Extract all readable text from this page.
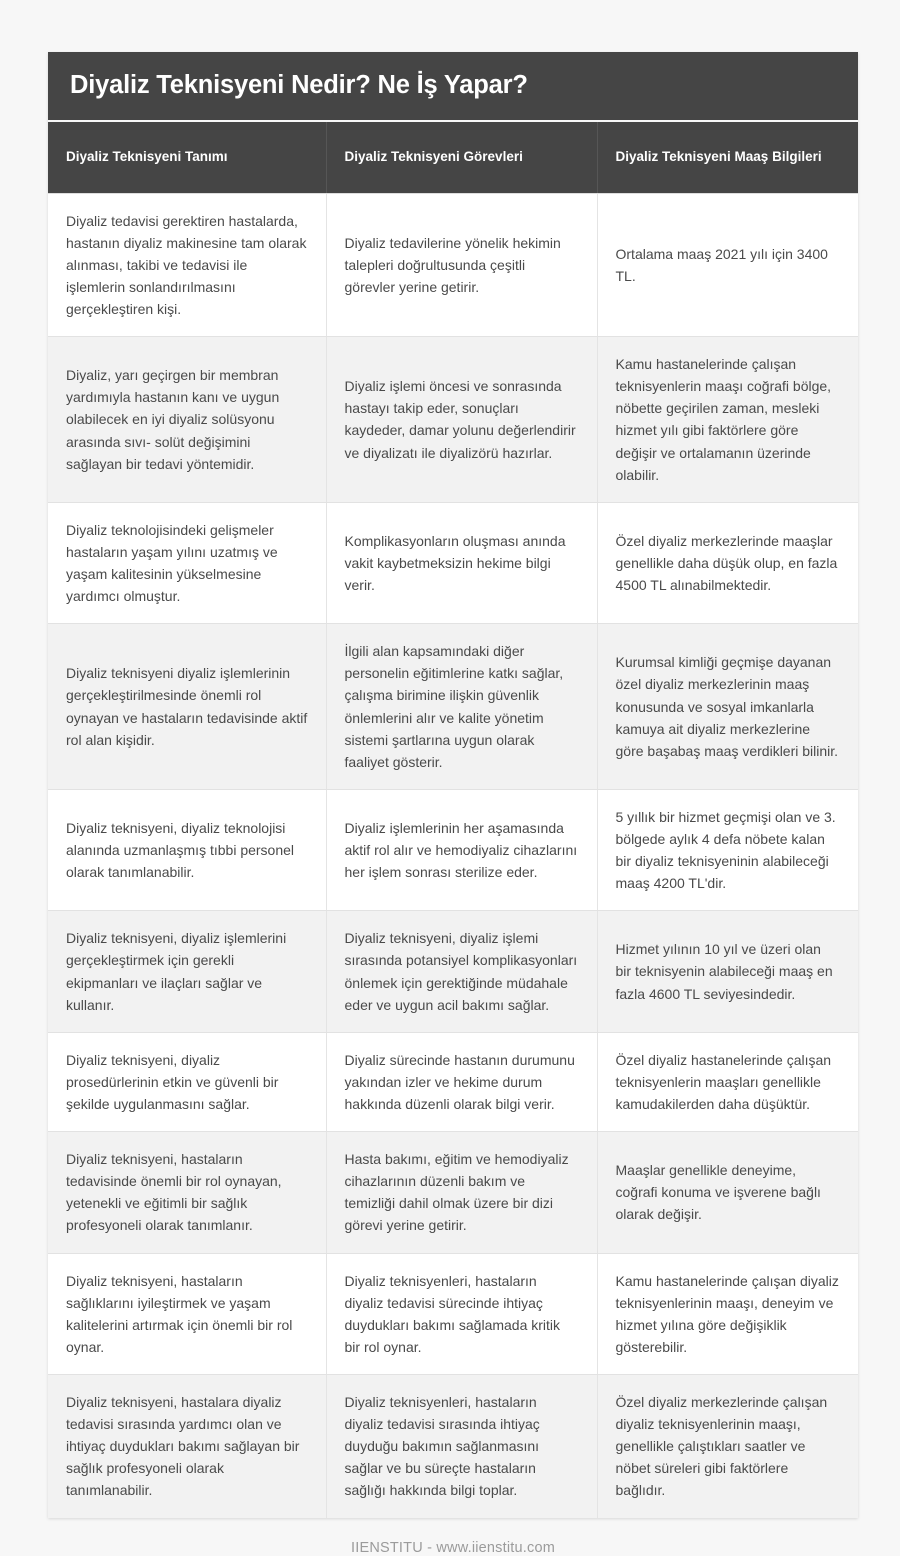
Diyaliz Teknisyeni Nedir? Ne İş Yapar?
Diyaliz Teknisyeni Tanımı	Diyaliz Teknisyeni Görevleri	Diyaliz Teknisyeni Maaş Bilgileri
Diyaliz tedavisi gerektiren hastalarda, hastanın diyaliz makinesine tam olarak alınması, takibi ve tedavisi ile işlemlerin sonlandırılmasını gerçekleştiren kişi.	Diyaliz tedavilerine yönelik hekimin talepleri doğrultusunda çeşitli görevler yerine getirir.	Ortalama maaş 2021 yılı için 3400 TL.
Diyaliz, yarı geçirgen bir membran yardımıyla hastanın kanı ve uygun olabilecek en iyi diyaliz solüsyonu arasında sıvı- solüt değişimini sağlayan bir tedavi yöntemidir.	Diyaliz işlemi öncesi ve sonrasında hastayı takip eder, sonuçları kaydeder, damar yolunu değerlendirir ve diyalizatı ile diyalizörü hazırlar.	Kamu hastanelerinde çalışan teknisyenlerin maaşı coğrafi bölge, nöbette geçirilen zaman, mesleki hizmet yılı gibi faktörlere göre değişir ve ortalamanın üzerinde olabilir.
Diyaliz teknolojisindeki gelişmeler hastaların yaşam yılını uzatmış ve yaşam kalitesinin yükselmesine yardımcı olmuştur.	Komplikasyonların oluşması anında vakit kaybetmeksizin hekime bilgi verir.	Özel diyaliz merkezlerinde maaşlar genellikle daha düşük olup, en fazla 4500 TL alınabilmektedir.
Diyaliz teknisyeni diyaliz işlemlerinin gerçekleştirilmesinde önemli rol oynayan ve hastaların tedavisinde aktif rol alan kişidir.	İlgili alan kapsamındaki diğer personelin eğitimlerine katkı sağlar, çalışma birimine ilişkin güvenlik önlemlerini alır ve kalite yönetim sistemi şartlarına uygun olarak faaliyet gösterir.	Kurumsal kimliği geçmişe dayanan özel diyaliz merkezlerinin maaş konusunda ve sosyal imkanlarla kamuya ait diyaliz merkezlerine göre başabaş maaş verdikleri bilinir.
Diyaliz teknisyeni, diyaliz teknolojisi alanında uzmanlaşmış tıbbi personel olarak tanımlanabilir.	Diyaliz işlemlerinin her aşamasında aktif rol alır ve hemodiyaliz cihazlarını her işlem sonrası sterilize eder.	5 yıllık bir hizmet geçmişi olan ve 3. bölgede aylık 4 defa nöbete kalan bir diyaliz teknisyeninin alabileceği maaş 4200 TL'dir.
Diyaliz teknisyeni, diyaliz işlemlerini gerçekleştirmek için gerekli ekipmanları ve ilaçları sağlar ve kullanır.	Diyaliz teknisyeni, diyaliz işlemi sırasında potansiyel komplikasyonları önlemek için gerektiğinde müdahale eder ve uygun acil bakımı sağlar.	Hizmet yılının 10 yıl ve üzeri olan bir teknisyenin alabileceği maaş en fazla 4600 TL seviyesindedir.
Diyaliz teknisyeni, diyaliz prosedürlerinin etkin ve güvenli bir şekilde uygulanmasını sağlar.	Diyaliz sürecinde hastanın durumunu yakından izler ve hekime durum hakkında düzenli olarak bilgi verir.	Özel diyaliz hastanelerinde çalışan teknisyenlerin maaşları genellikle kamudakilerden daha düşüktür.
Diyaliz teknisyeni, hastaların tedavisinde önemli bir rol oynayan, yetenekli ve eğitimli bir sağlık profesyoneli olarak tanımlanır.	Hasta bakımı, eğitim ve hemodiyaliz cihazlarının düzenli bakım ve temizliği dahil olmak üzere bir dizi görevi yerine getirir.	Maaşlar genellikle deneyime, coğrafi konuma ve işverene bağlı olarak değişir.
Diyaliz teknisyeni, hastaların sağlıklarını iyileştirmek ve yaşam kalitelerini artırmak için önemli bir rol oynar.	Diyaliz teknisyenleri, hastaların diyaliz tedavisi sürecinde ihtiyaç duydukları bakımı sağlamada kritik bir rol oynar.	Kamu hastanelerinde çalışan diyaliz teknisyenlerinin maaşı, deneyim ve hizmet yılına göre değişiklik gösterebilir.
Diyaliz teknisyeni, hastalara diyaliz tedavisi sırasında yardımcı olan ve ihtiyaç duydukları bakımı sağlayan bir sağlık profesyoneli olarak tanımlanabilir.	Diyaliz teknisyenleri, hastaların diyaliz tedavisi sırasında ihtiyaç duyduğu bakımın sağlanmasını sağlar ve bu süreçte hastaların sağlığı hakkında bilgi toplar.	Özel diyaliz merkezlerinde çalışan diyaliz teknisyenlerinin maaşı, genellikle çalıştıkları saatler ve nöbet süreleri gibi faktörlere bağlıdır.
IIENSTITU - www.iienstitu.com
